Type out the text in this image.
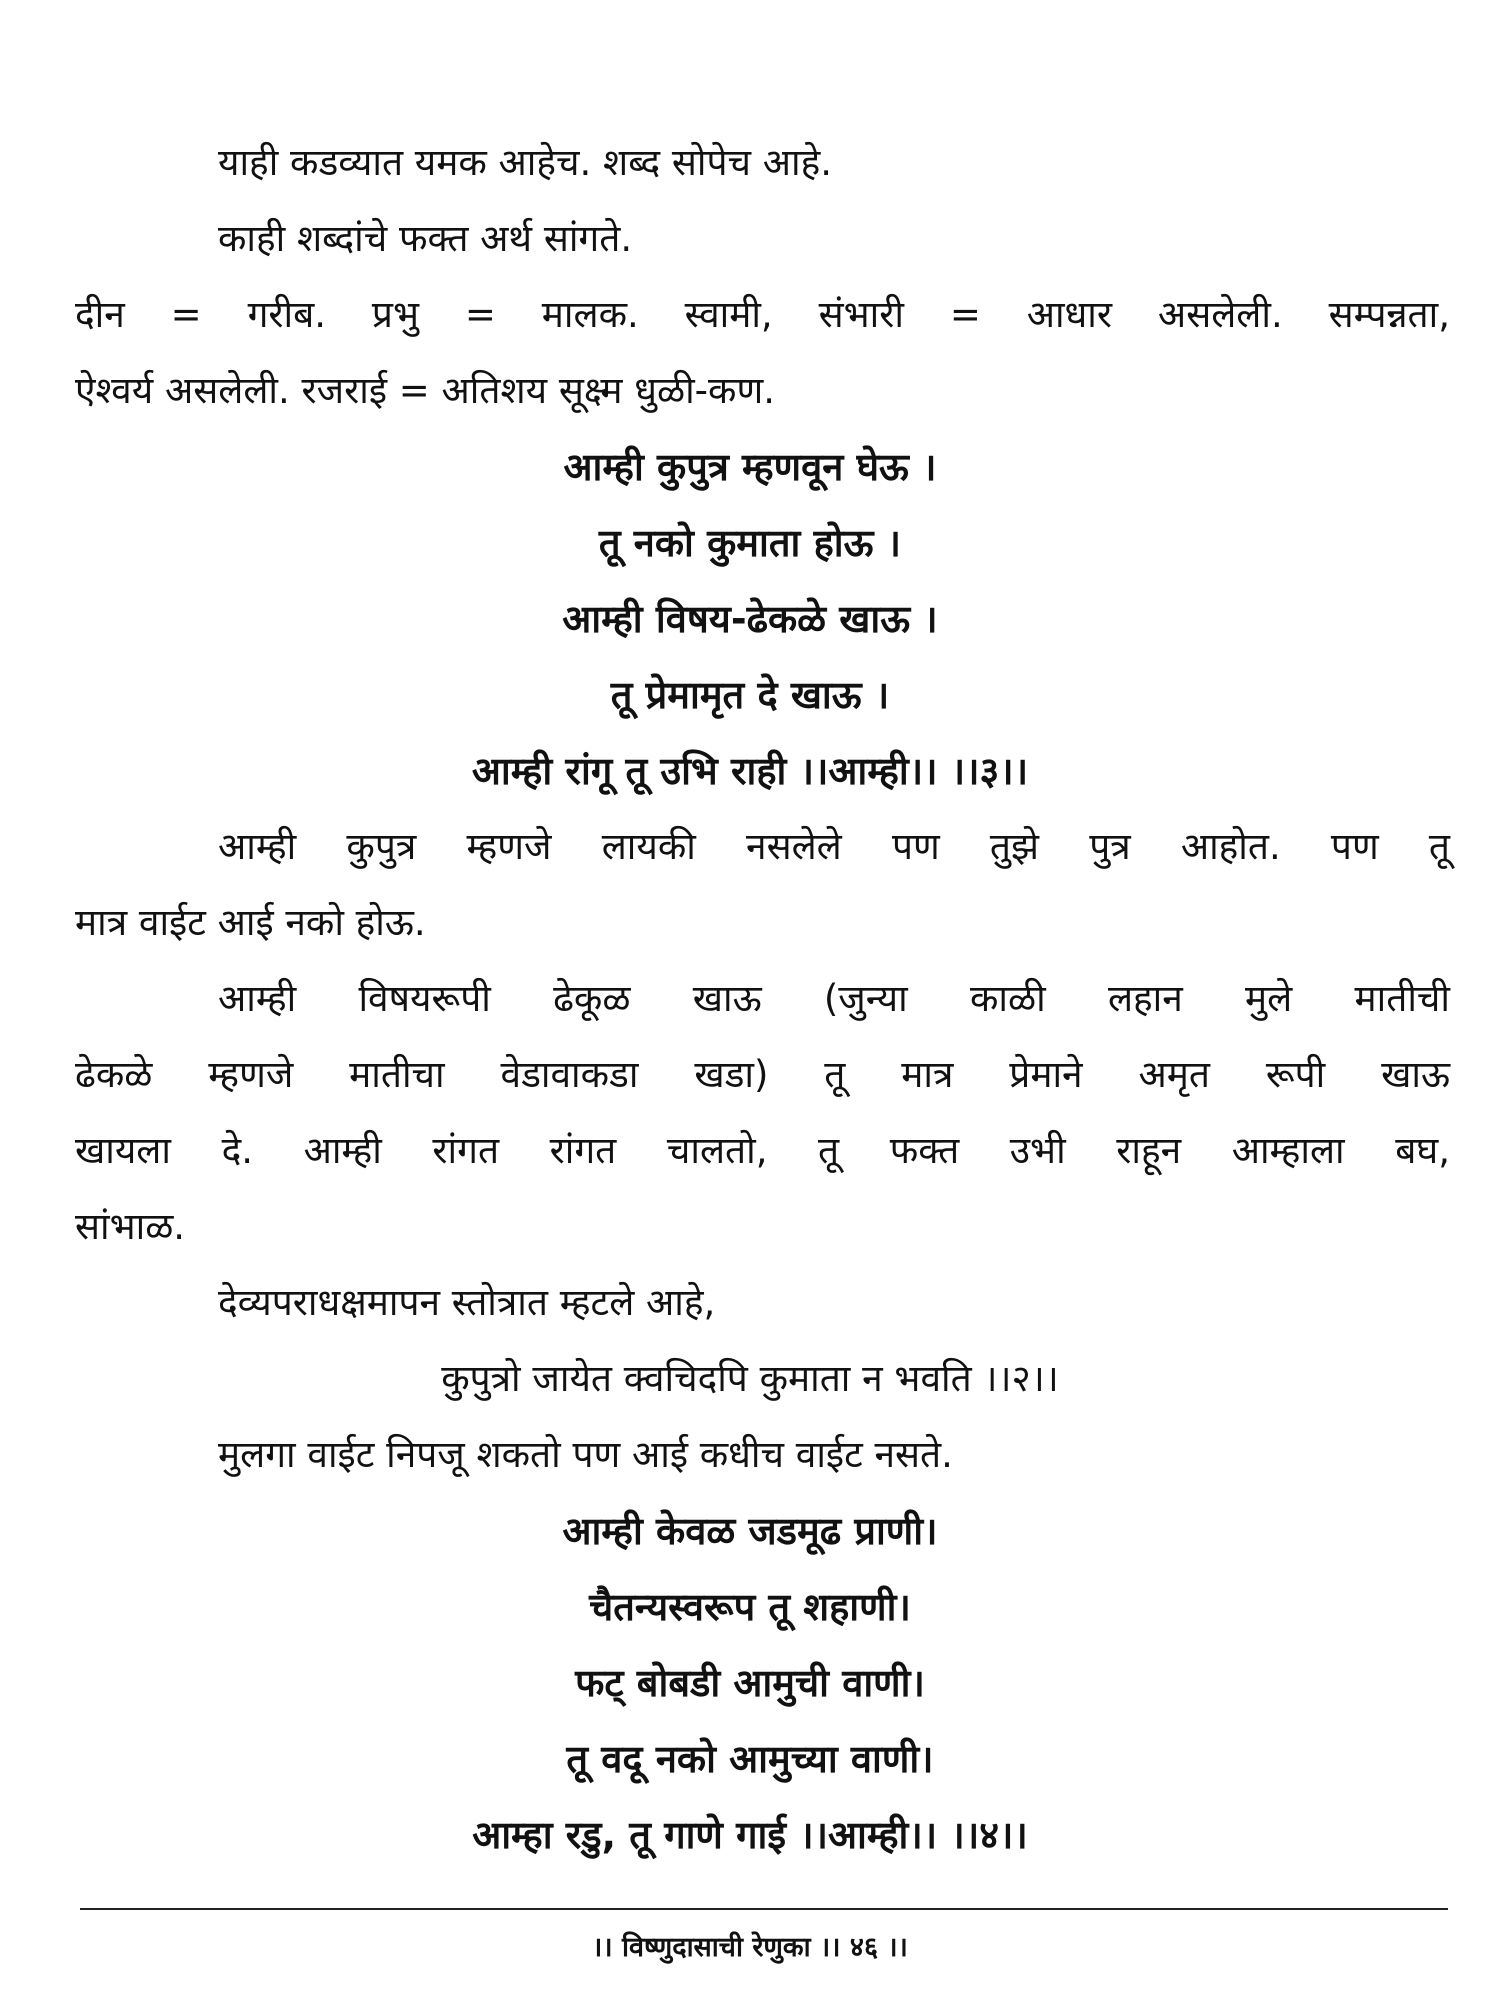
याही कडव्यात यमक आहेच. शब्द सोपेच आहे.
काही शब्दांचे फक्त अर्थ सांगते.
दीन = गरीब. प्रभु = मालक. स्वामी, संभारी = आधार असलेली. सम्पन्नता,
ऐश्वर्य असलेली. रजराई = अतिशय सूक्ष्म धुळी-कण.
आम्ही कुपुत्र म्हणवून घेऊ ।
तू नको कुमाता होऊ ।
आम्ही विषय-ढेकळे खाऊ ।
तू प्रेमामृत दे खाऊ ।
आम्ही रांगू तू उभि राही ।।आम्ही।। ।।३।।
आम्ही कुपुत्र म्हणजे लायकी नसलेले पण तुझे पुत्र आहोत. पण तू
मात्र वाईट आई नको होऊ.
आम्ही विषयरूपी ढेकूळ खाऊ (जुन्या काळी लहान मुले मातीची
ढेकळे म्हणजे मातीचा वेडावाकडा खडा) तू मात्र प्रेमाने अमृत रूपी खाऊ
खायला दे. आम्ही रांगत रांगत चालतो, तू फक्त उभी राहून आम्हाला बघ,
सांभाळ.
देव्यपराधक्षमापन स्तोत्रात म्हटले आहे,
कुपुत्रो जायेत क्वचिदपि कुमाता न भवति ।।२।।
मुलगा वाईट निपजू शकतो पण आई कधीच वाईट नसते.
आम्ही केवळ जडमूढ प्राणी।
चैतन्यस्वरूप तू शहाणी।
फट् बोबडी आमुची वाणी।
तू वदू नको आमुच्या वाणी।
आम्हा रडु, तू गाणे गाई ।।आम्ही।। ।।४।।
।। विष्णुदासाची रेणुका ।। ४६ ।।
